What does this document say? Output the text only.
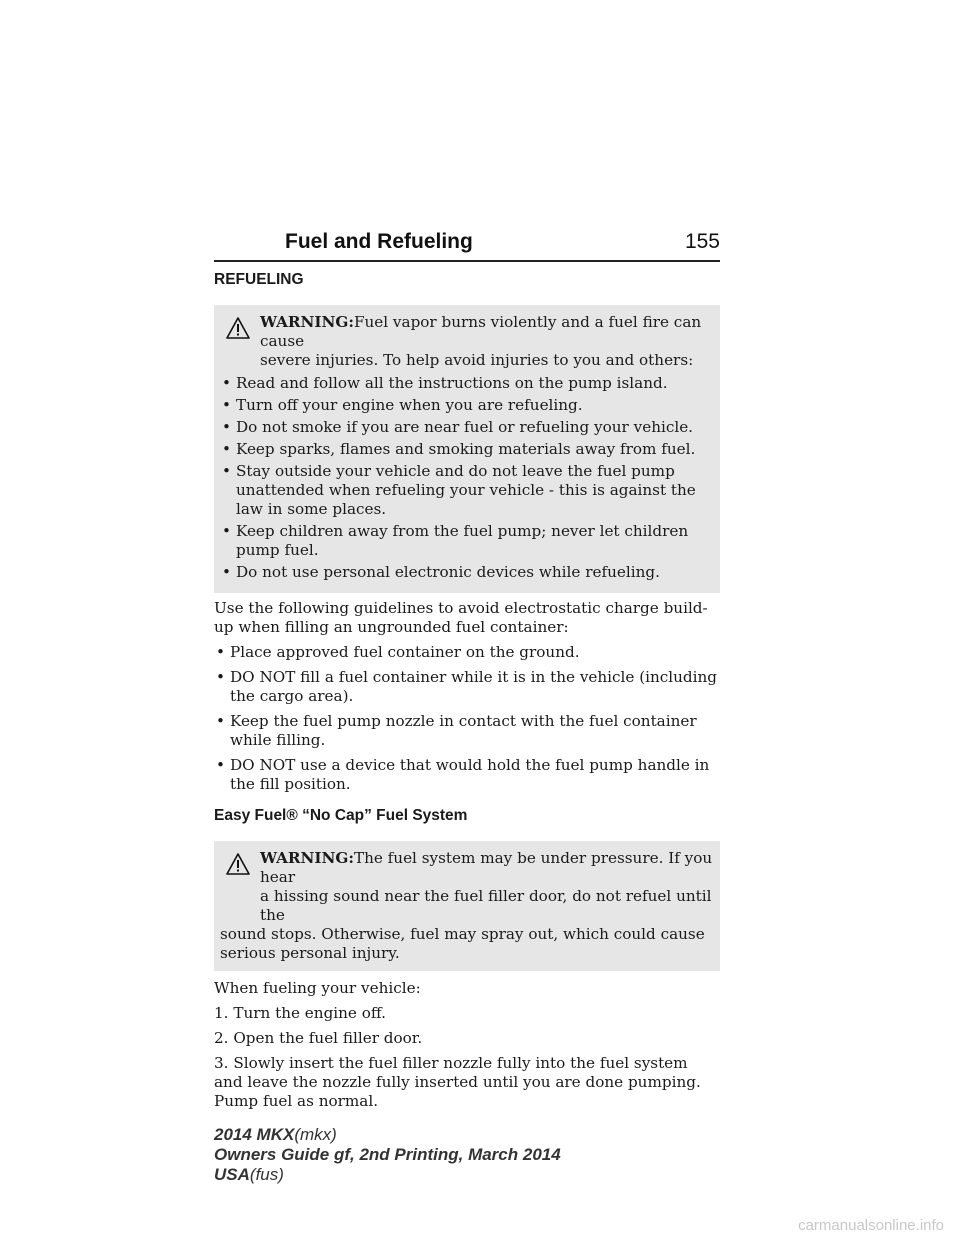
Fuel and Refueling	155
REFUELING
WARNING:Fuel vapor burns violently and a fuel fire can cause
severe injuries. To help avoid injuries to you and others:
• Read and follow all the instructions on the pump island.
• Turn off your engine when you are refueling.
• Do not smoke if you are near fuel or refueling your vehicle.
• Keep sparks, flames and smoking materials away from fuel.
• Stay outside your vehicle and do not leave the fuel pump unattended when refueling your vehicle - this is against the law in some places.
• Keep children away from the fuel pump; never let children pump fuel.
• Do not use personal electronic devices while refueling.

Use the following guidelines to avoid electrostatic charge build-up when filling an ungrounded fuel container:

• Place approved fuel container on the ground.
• DO NOT fill a fuel container while it is in the vehicle (including the cargo area).
• Keep the fuel pump nozzle in contact with the fuel container while filling.
• DO NOT use a device that would hold the fuel pump handle in the fill position.
Easy Fuel® “No Cap” Fuel System
WARNING:The fuel system may be under pressure. If you hear
a hissing sound near the fuel filler door, do not refuel until the
sound stops. Otherwise, fuel may spray out, which could cause serious personal injury.

When fueling your vehicle:

1. Turn the engine off.

2. Open the fuel filler door.

3. Slowly insert the fuel filler nozzle fully into the fuel system and leave the nozzle fully inserted until you are done pumping. Pump fuel as normal.

2014 MKX(mkx)
Owners Guide gf, 2nd Printing, March 2014
USA(fus)
carmanualsonline.info
